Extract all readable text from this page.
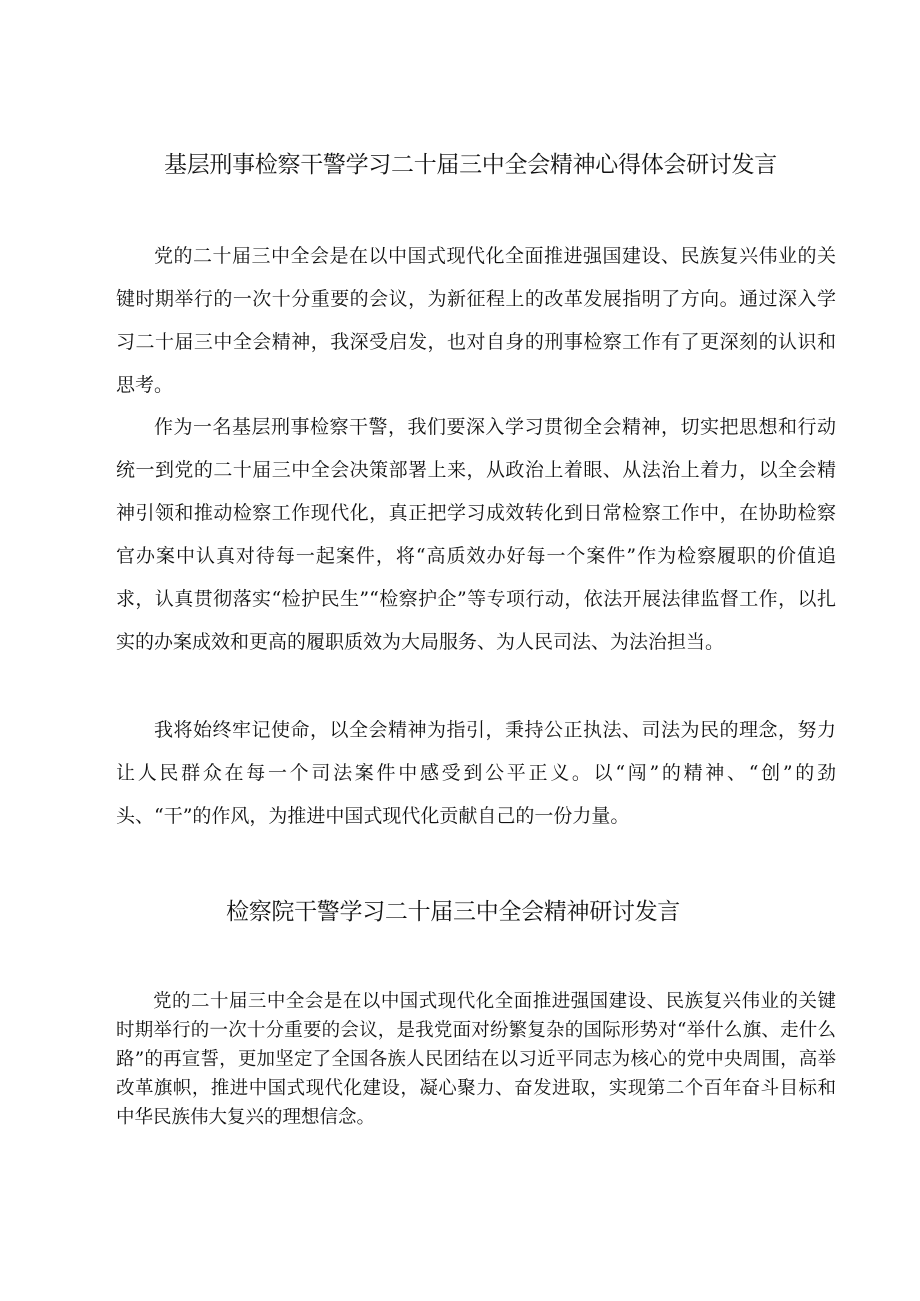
基层刑事检察干警学习二十届三中全会精神心得体会研讨发言

党的二十届三中全会是在以中国式现代化全面推进强国建设、民族复兴伟业的关键时期举行的一次十分重要的会议，为新征程上的改革发展指明了方向。通过深入学习二十届三中全会精神，我深受启发，也对自身的刑事检察工作有了更深刻的认识和思考。

作为一名基层刑事检察干警，我们要深入学习贯彻全会精神，切实把思想和行动统一到党的二十届三中全会决策部署上来，从政治上着眼、从法治上着力，以全会精神引领和推动检察工作现代化，真正把学习成效转化到日常检察工作中，在协助检察官办案中认真对待每一起案件，将“高质效办好每一个案件”作为检察履职的价值追求，认真贯彻落实“检护民生”“检察护企”等专项行动，依法开展法律监督工作，以扎实的办案成效和更高的履职质效为大局服务、为人民司法、为法治担当。

我将始终牢记使命，以全会精神为指引，秉持公正执法、司法为民的理念，努力让人民群众在每一个司法案件中感受到公平正义。以“闯”的精神、“创”的劲头、“干”的作风，为推进中国式现代化贡献自己的一份力量。

检察院干警学习二十届三中全会精神研讨发言

党的二十届三中全会是在以中国式现代化全面推进强国建设、民族复兴伟业的关键时期举行的一次十分重要的会议，是我党面对纷繁复杂的国际形势对“举什么旗、走什么路”的再宣誓，更加坚定了全国各族人民团结在以习近平同志为核心的党中央周围，高举改革旗帜，推进中国式现代化建设，凝心聚力、奋发进取，实现第二个百年奋斗目标和中华民族伟大复兴的理想信念。
